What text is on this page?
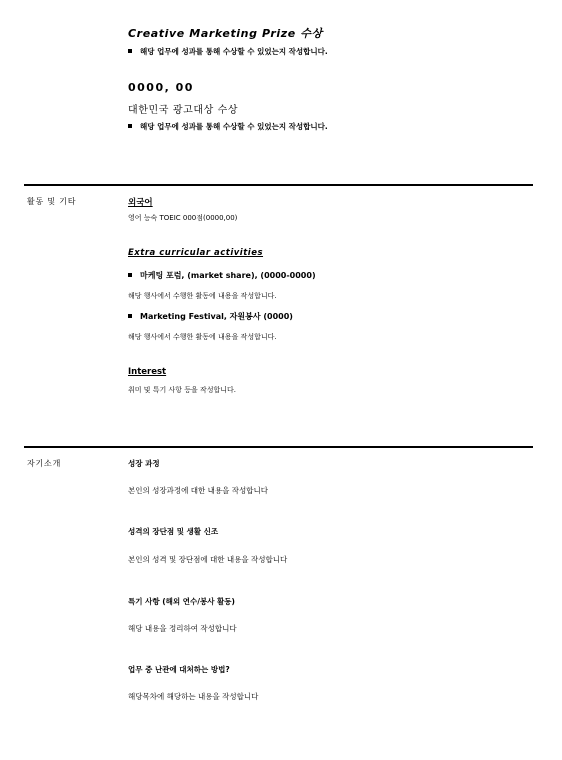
Creative Marketing Prize 수상
해당 업무에 성과를 통해 수상할 수 있었는지 작성합니다.
0000, 00
대한민국 광고대상 수상
해당 업무에 성과를 통해 수상할 수 있었는지 작성합니다.
활동 및 기타	외국어
영어 능숙 TOEIC 000점(0000,00)
Extra curricular activities
마케팅 포럼, (market share), (0000-0000)
해당 행사에서 수행한 활동에 내용을 작성합니다.
Marketing Festival, 자원봉사 (0000)
해당 행사에서 수행한 활동에 내용을 작성합니다.
Interest
취미 및 특기 사항 등을 작성합니다.
자기소개	성장 과정
본인의 성장과정에 대한 내용을 작성합니다
성격의 장단점 및 생활 신조
본인의 성격 및 장단점에 대한 내용을 작성합니다
특기 사항 (해외 연수/봉사 활동)
해당 내용을 정리하여 작성합니다
업무 중 난관에 대처하는 방법?
해당목차에 해당하는 내용을 작성합니다
